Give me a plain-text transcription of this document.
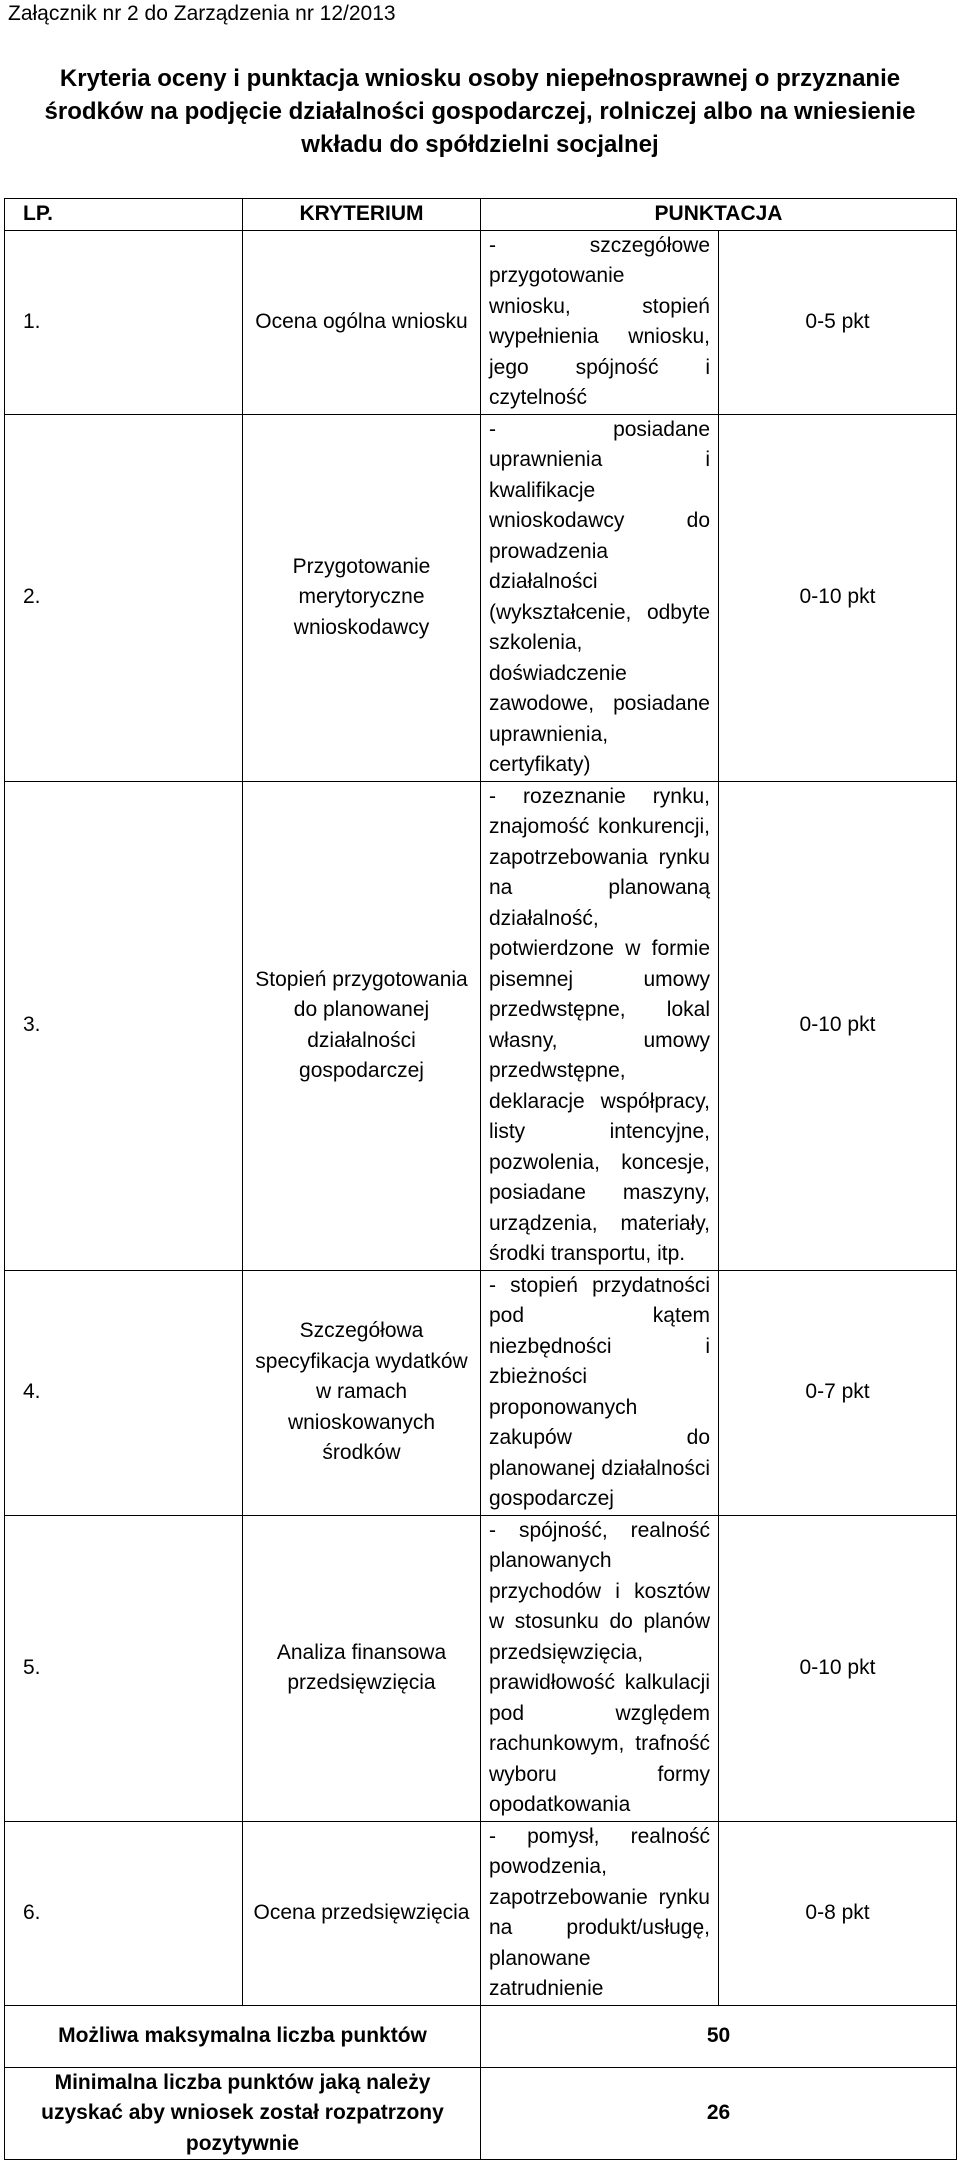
Załącznik nr 2 do Zarządzenia nr 12/2013
Kryteria oceny i punktacja wniosku osoby niepełnosprawnej o przyznanie
środków na podjęcie działalności gospodarczej, rolniczej albo na wniesienie
wkładu do spółdzielni socjalnej
LP.	KRYTERIUM	PUNKTACJA	
1.	Ocena ogólna wniosku	- szczegółowe przygotowanie wniosku, stopień wypełnienia wniosku, jego spójność i czytelność	0-5 pkt
2.	Przygotowanie merytoryczne wnioskodawcy	- posiadane uprawnienia i kwalifikacje wnioskodawcy do prowadzenia działalności (wykształcenie, odbyte szkolenia, doświadczenie zawodowe, posiadane uprawnienia, certyfikaty)	0-10 pkt
3.	Stopień przygotowania do planowanej działalności gospodarczej	- rozeznanie rynku, znajomość konkurencji, zapotrzebowania rynku na planowaną działalność, potwierdzone w formie pisemnej umowy przedwstępne, lokal własny, umowy przedwstępne, deklaracje współpracy, listy intencyjne, pozwolenia, koncesje, posiadane maszyny, urządzenia, materiały, środki transportu, itp.	0-10 pkt
4.	Szczegółowa specyfikacja wydatków w ramach wnioskowanych środków	- stopień przydatności pod kątem niezbędności i zbieżności proponowanych zakupów do planowanej działalności gospodarczej	0-7 pkt
5.	Analiza finansowa przedsięwzięcia	- spójność, realność planowanych przychodów i kosztów w stosunku do planów przedsięwzięcia, prawidłowość kalkulacji pod względem rachunkowym, trafność wyboru formy opodatkowania	0-10 pkt
6.	Ocena przedsięwzięcia	- pomysł, realność powodzenia, zapotrzebowanie rynku na produkt/usługę, planowane zatrudnienie	0-8 pkt
Możliwa maksymalna liczba punktów		50	
Minimalna liczba punktów jaką należy uzyskać aby wniosek został rozpatrzony pozytywnie		26	
